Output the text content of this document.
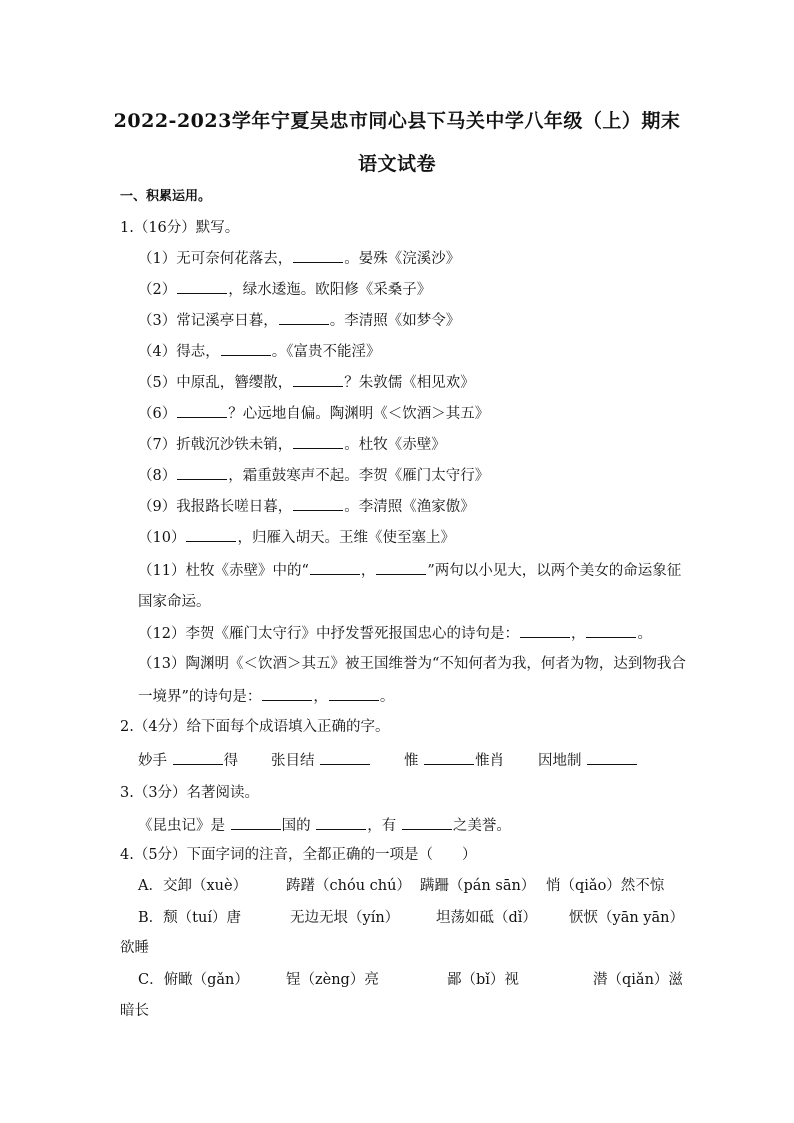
2022-2023学年宁夏吴忠市同心县下马关中学八年级（上）期末
语文试卷
一、积累运用。
1.（16分）默写。
（1）无可奈何花落去，	。晏殊《浣溪沙》
（2）	，绿水逶迤。欧阳修《采桑子》
（3）常记溪亭日暮，	。李清照《如梦令》
（4）得志，	。《富贵不能淫》
（5）中原乱，簪缨散，	？朱敦儒《相见欢》
（6）	？心远地自偏。陶渊明《＜饮酒＞其五》
（7）折戟沉沙铁未销，	。杜牧《赤壁》
（8）	，霜重鼓寒声不起。李贺《雁门太守行》
（9）我报路长嗟日暮，	。李清照《渔家傲》
（10）	，归雁入胡天。王维《使至塞上》
（11）杜牧《赤壁》中的“	，	”两句以小见大，以两个美女的命运象征
国家命运。
（12）李贺《雁门太守行》中抒发誓死报国忠心的诗句是：	，	。
（13）陶渊明《＜饮酒＞其五》被王国维誉为“不知何者为我，何者为物，达到物我合
一境界”的诗句是：	，	。
2.（4分）给下面每个成语填入正确的字。
妙手	得 张目结	惟	惟肖 因地制
3.（3分）名著阅读。
《昆虫记》是	国的	，有	之美誉。
4.（5分）下面字词的注音，全都正确的一项是（　　）
A．交卸（xuè）	踌躇（chóu chú） 蹒跚（pán sān） 悄（qiǎo）然不惊
B．颓（tuí）唐	无边无垠（yín）	坦荡如砥（dǐ） 恹恹（yān yān）
欲睡
C．俯瞰（gǎn）	锃（zèng）亮	鄙（bǐ）视	潜（qiǎn）滋
暗长
